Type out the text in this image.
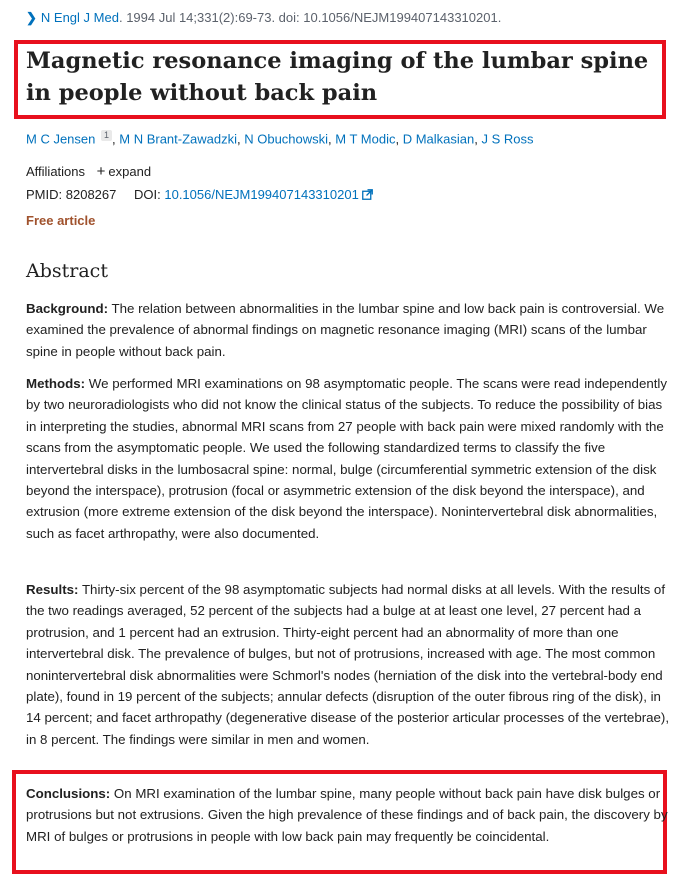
❯ N Engl J Med. 1994 Jul 14;331(2):69-73. doi: 10.1056/NEJM199407143310201.
Magnetic resonance imaging of the lumbar spine in people without back pain
M C Jensen 1 , M N Brant-Zawadzki, N Obuchowski, M T Modic, D Malkasian, J S Ross
Affiliations + expand
PMID: 8208267 DOI: 10.1056/NEJM199407143310201
Free article
Abstract

Background: The relation between abnormalities in the lumbar spine and low back pain is controversial. We examined the prevalence of abnormal findings on magnetic resonance imaging (MRI) scans of the lumbar spine in people without back pain.

Methods: We performed MRI examinations on 98 asymptomatic people. The scans were read independently by two neuroradiologists who did not know the clinical status of the subjects. To reduce the possibility of bias in interpreting the studies, abnormal MRI scans from 27 people with back pain were mixed randomly with the scans from the asymptomatic people. We used the following standardized terms to classify the five intervertebral disks in the lumbosacral spine: normal, bulge (circumferential symmetric extension of the disk beyond the interspace), protrusion (focal or asymmetric extension of the disk beyond the interspace), and extrusion (more extreme extension of the disk beyond the interspace). Nonintervertebral disk abnormalities, such as facet arthropathy, were also documented.

Results: Thirty-six percent of the 98 asymptomatic subjects had normal disks at all levels. With the results of the two readings averaged, 52 percent of the subjects had a bulge at at least one level, 27 percent had a protrusion, and 1 percent had an extrusion. Thirty-eight percent had an abnormality of more than one intervertebral disk. The prevalence of bulges, but not of protrusions, increased with age. The most common nonintervertebral disk abnormalities were Schmorl's nodes (herniation of the disk into the vertebral-body end plate), found in 19 percent of the subjects; annular defects (disruption of the outer fibrous ring of the disk), in 14 percent; and facet arthropathy (degenerative disease of the posterior articular processes of the vertebrae), in 8 percent. The findings were similar in men and women.

Conclusions: On MRI examination of the lumbar spine, many people without back pain have disk bulges or protrusions but not extrusions. Given the high prevalence of these findings and of back pain, the discovery by MRI of bulges or protrusions in people with low back pain may frequently be coincidental.
